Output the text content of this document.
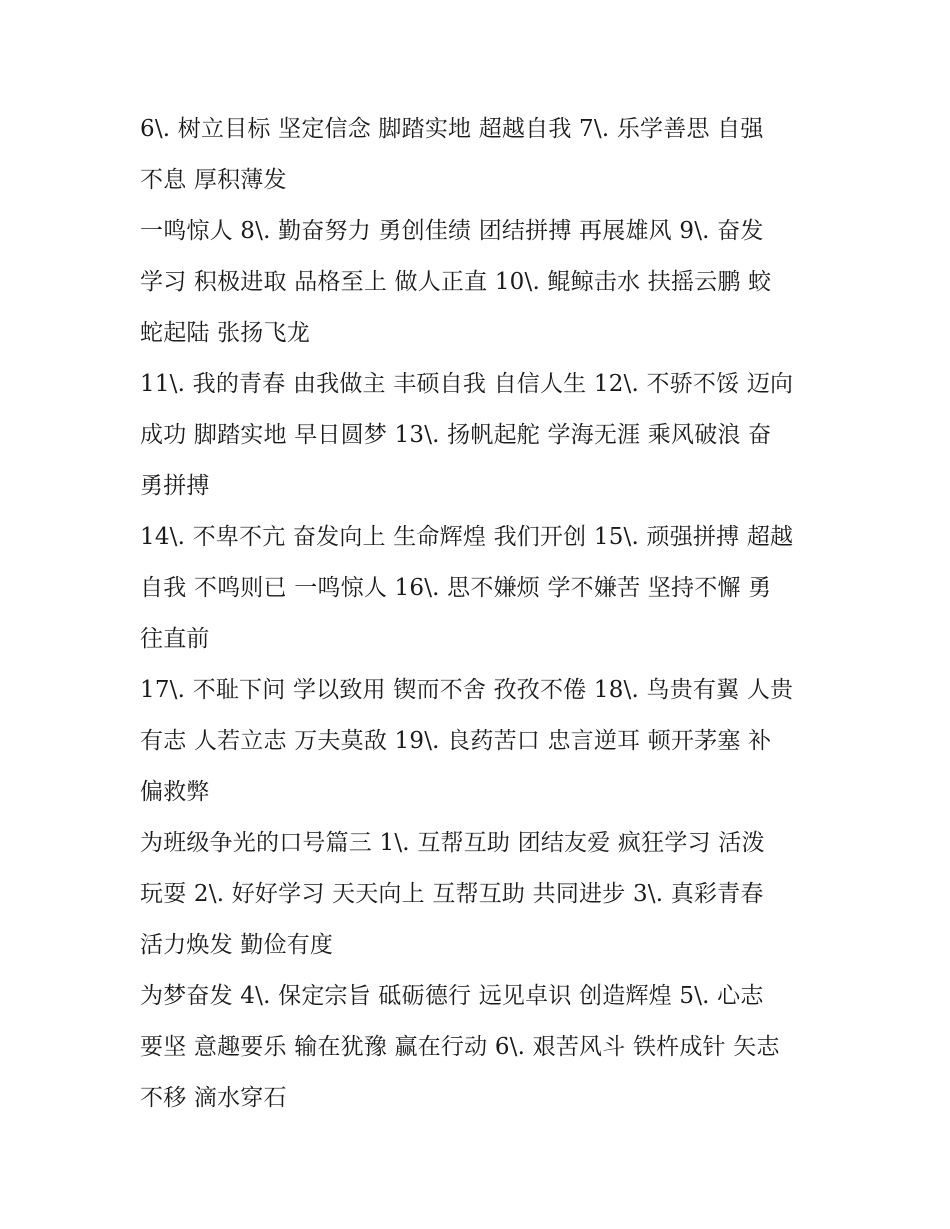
6\. 树立目标 坚定信念 脚踏实地 超越自我 7\. 乐学善思 自强
不息 厚积薄发
一鸣惊人 8\. 勤奋努力 勇创佳绩 团结拼搏 再展雄风 9\. 奋发
学习 积极进取 品格至上 做人正直 10\. 鲲鲸击水 扶摇云鹏 蛟
蛇起陆 张扬飞龙
11\. 我的青春 由我做主 丰硕自我 自信人生 12\. 不骄不馁 迈向
成功 脚踏实地 早日圆梦 13\. 扬帆起舵 学海无涯 乘风破浪 奋
勇拼搏
14\. 不卑不亢 奋发向上 生命辉煌 我们开创 15\. 顽强拼搏 超越
自我 不鸣则已 一鸣惊人 16\. 思不嫌烦 学不嫌苦 坚持不懈 勇
往直前
17\. 不耻下问 学以致用 锲而不舍 孜孜不倦 18\. 鸟贵有翼 人贵
有志 人若立志 万夫莫敌 19\. 良药苦口 忠言逆耳 顿开茅塞 补
偏救弊
为班级争光的口号篇三 1\. 互帮互助 团结友爱 疯狂学习 活泼
玩耍 2\. 好好学习 天天向上 互帮互助 共同进步 3\. 真彩青春
活力焕发 勤俭有度
为梦奋发 4\. 保定宗旨 砥砺德行 远见卓识 创造辉煌 5\. 心志
要坚 意趣要乐 输在犹豫 赢在行动 6\. 艰苦风斗 铁杵成针 矢志
不移 滴水穿石
